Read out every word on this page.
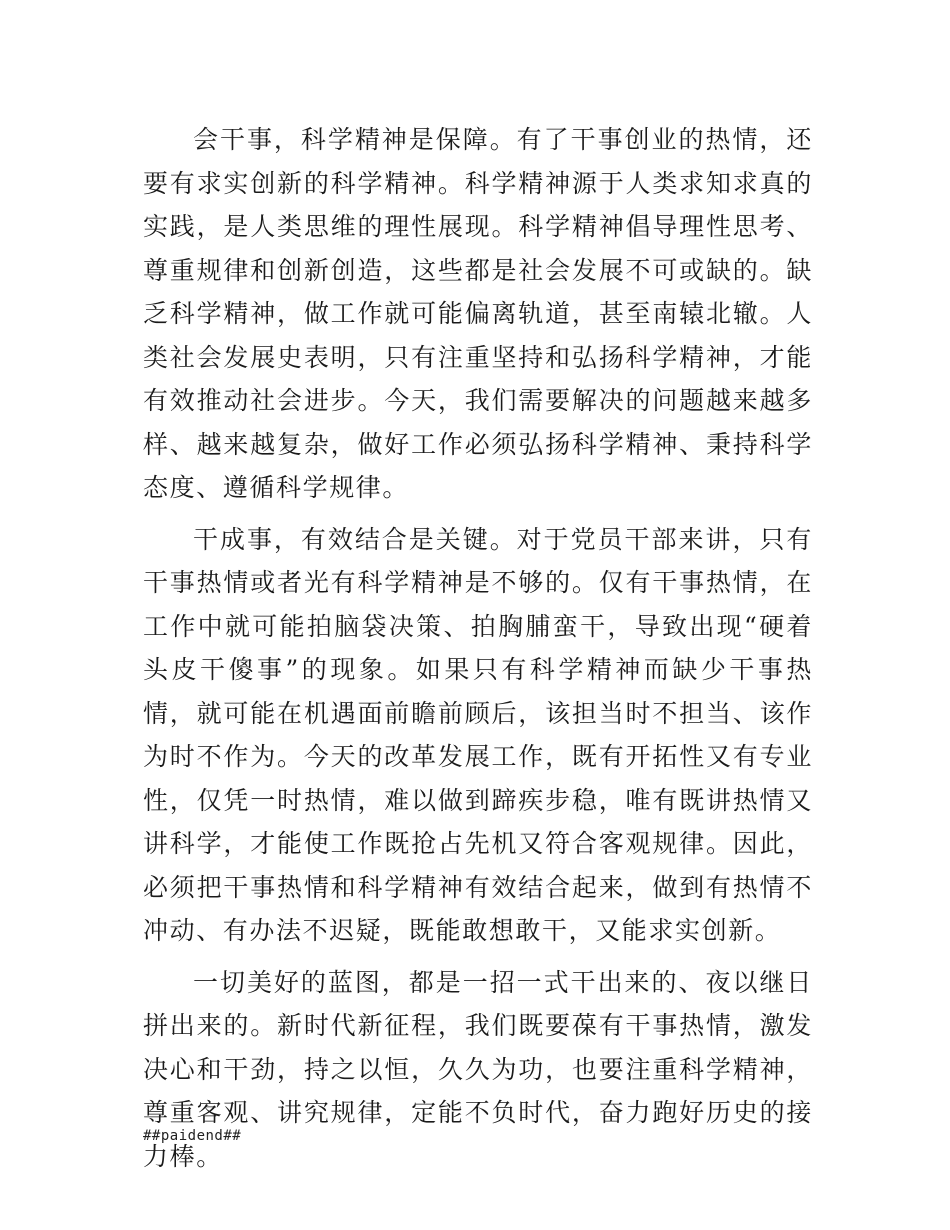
会干事，科学精神是保障。有了干事创业的热情，还要有求实创新的科学精神。科学精神源于人类求知求真的实践，是人类思维的理性展现。科学精神倡导理性思考、尊重规律和创新创造，这些都是社会发展不可或缺的。缺乏科学精神，做工作就可能偏离轨道，甚至南辕北辙。人类社会发展史表明，只有注重坚持和弘扬科学精神，才能有效推动社会进步。今天，我们需要解决的问题越来越多样、越来越复杂，做好工作必须弘扬科学精神、秉持科学态度、遵循科学规律。

干成事，有效结合是关键。对于党员干部来讲，只有干事热情或者光有科学精神是不够的。仅有干事热情，在工作中就可能拍脑袋决策、拍胸脯蛮干，导致出现“硬着头皮干傻事”的现象。如果只有科学精神而缺少干事热情，就可能在机遇面前瞻前顾后，该担当时不担当、该作为时不作为。今天的改革发展工作，既有开拓性又有专业性，仅凭一时热情，难以做到蹄疾步稳，唯有既讲热情又讲科学，才能使工作既抢占先机又符合客观规律。因此，必须把干事热情和科学精神有效结合起来，做到有热情不冲动、有办法不迟疑，既能敢想敢干，又能求实创新。

一切美好的蓝图，都是一招一式干出来的、夜以继日拼出来的。新时代新征程，我们既要葆有干事热情，激发决心和干劲，持之以恒，久久为功，也要注重科学精神，尊重客观、讲究规律，定能不负时代，奋力跑好历史的接力棒。

##paidend##
